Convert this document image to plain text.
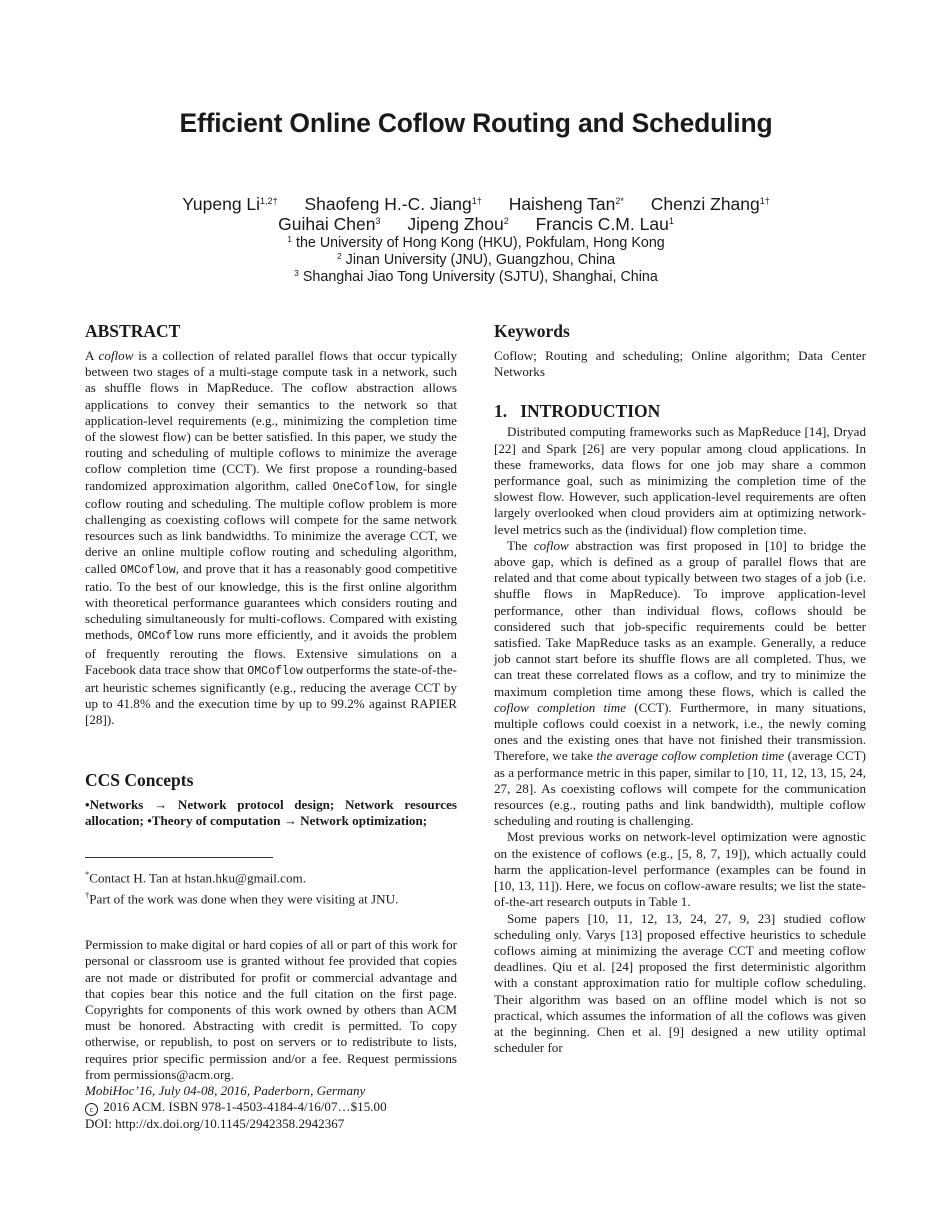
Efficient Online Coflow Routing and Scheduling
Yupeng $Li^{1,2\dagger}$ Shaofeng H.-C. Jiang$^{1\dagger}$ Haisheng Tan$^{2*}$ Chenzi Zhang$^{1\dagger}$
Guihai Chen$^3$ Jipeng Zhou$^2$ Francis C.M. Lau$^1$
$^1$ the University of Hong Kong (HKU), Pokfulam, Hong Kong
$^2$ Jinan University (JNU), Guangzhou, China
$^3$ Shanghai Jiao Tong University (SJTU), Shanghai, China
ABSTRACT

A coflow is a collection of related parallel flows that occur typically between two stages of a multi-stage compute task in a network, such as shuffle flows in MapReduce. The coflow abstraction allows applications to convey their semantics to the network so that application-level requirements (e.g., minimizing the completion time of the slowest flow) can be better satisfied. In this paper, we study the routing and scheduling of multiple coflows to minimize the average coflow completion time (CCT). We first propose a rounding-based randomized approximation algorithm, called OneCoflow, for single coflow routing and scheduling. The multiple coflow problem is more challenging as coexisting coflows will compete for the same network resources such as link bandwidths. To minimize the average CCT, we derive an online multiple coflow routing and scheduling algorithm, called OMCoflow, and prove that it has a reasonably good competitive ratio. To the best of our knowledge, this is the first online algorithm with theoretical performance guarantees which considers routing and scheduling simultaneously for multi-coflows. Compared with existing methods, OMCoflow runs more efficiently, and it avoids the problem of frequently rerouting the flows. Extensive simulations on a Facebook data trace show that OMCoflow outperforms the state-of-the-art heuristic schemes significantly (e.g., reducing the average CCT by up to 41.8% and the execution time by up to 99.2% against RAPIER [28]).

CCS Concepts

•Networks → Network protocol design; Network resources allocation; •Theory of computation → Network optimization;

*Contact H. Tan at hstan.hku@gmail.com.

†Part of the work was done when they were visiting at JNU.

Permission to make digital or hard copies of all or part of this work for personal or classroom use is granted without fee provided that copies are not made or distributed for profit or commercial advantage and that copies bear this notice and the full citation on the first page. Copyrights for components of this work owned by others than ACM must be honored. Abstracting with credit is permitted. To copy otherwise, or republish, to post on servers or to redistribute to lists, requires prior specific permission and/or a fee. Request permissions from permissions@acm.org.

MobiHoc’16, July 04-08, 2016, Paderborn, Germany

c 2016 ACM. ISBN 978-1-4503-4184-4/16/07…$15.00

DOI: http://dx.doi.org/10.1145/2942358.2942367

Keywords

Coflow; Routing and scheduling; Online algorithm; Data Center Networks

1.   INTRODUCTION

Distributed computing frameworks such as MapReduce [14], Dryad [22] and Spark [26] are very popular among cloud applications. In these frameworks, data flows for one job may share a common performance goal, such as minimizing the completion time of the slowest flow. However, such application-level requirements are often largely overlooked when cloud providers aim at optimizing network-level metrics such as the (individual) flow completion time.

The coflow abstraction was first proposed in [10] to bridge the above gap, which is defined as a group of parallel flows that are related and that come about typically between two stages of a job (i.e. shuffle flows in MapReduce). To improve application-level performance, other than individual flows, coflows should be considered such that job-specific requirements could be better satisfied. Take MapReduce tasks as an example. Generally, a reduce job cannot start before its shuffle flows are all completed. Thus, we can treat these correlated flows as a coflow, and try to minimize the maximum completion time among these flows, which is called the coflow completion time (CCT). Furthermore, in many situations, multiple coflows could coexist in a network, i.e., the newly coming ones and the existing ones that have not finished their transmission. Therefore, we take the average coflow completion time (average CCT) as a performance metric in this paper, similar to [10, 11, 12, 13, 15, 24, 27, 28]. As coexisting coflows will compete for the communication resources (e.g., routing paths and link bandwidth), multiple coflow scheduling and routing is challenging.

Most previous works on network-level optimization were agnostic on the existence of coflows (e.g., [5, 8, 7, 19]), which actually could harm the application-level performance (examples can be found in [10, 13, 11]). Here, we focus on coflow-aware results; we list the state-of-the-art research outputs in Table 1.

Some papers [10, 11, 12, 13, 24, 27, 9, 23] studied coflow scheduling only. Varys [13] proposed effective heuristics to schedule coflows aiming at minimizing the average CCT and meeting coflow deadlines. Qiu et al. [24] proposed the first deterministic algorithm with a constant approximation ratio for multiple coflow scheduling. Their algorithm was based on an offline model which is not so practical, which assumes the information of all the coflows was given at the beginning. Chen et al. [9] designed a new utility optimal scheduler for
